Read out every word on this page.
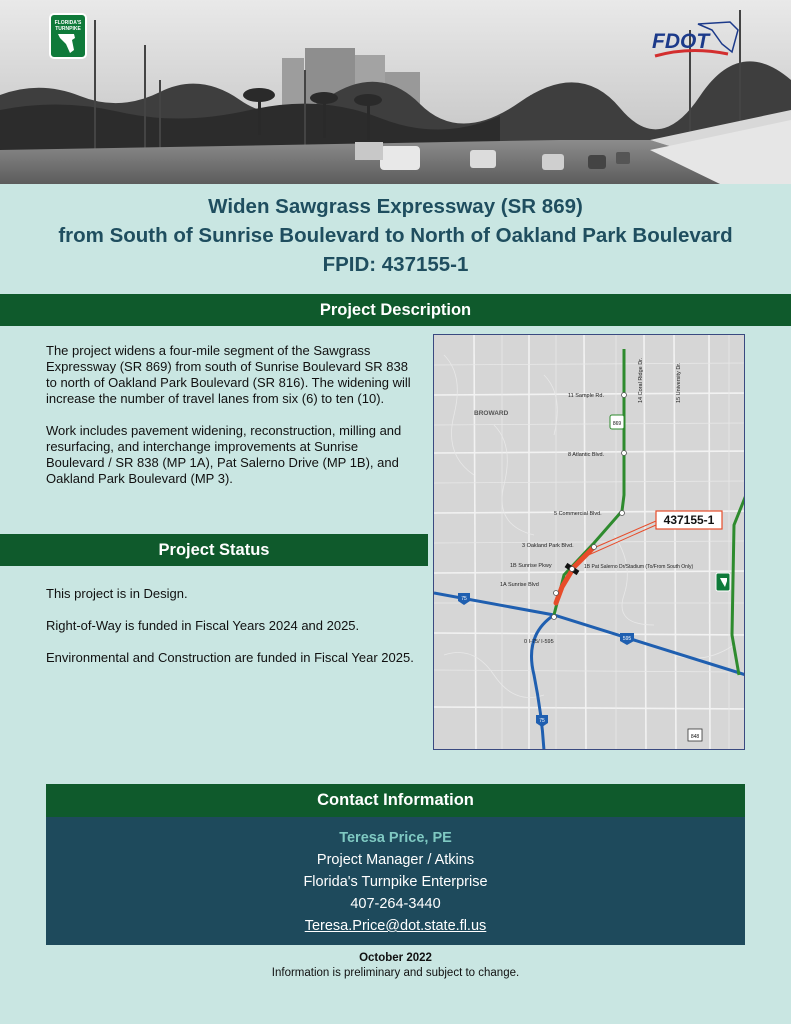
FLORIDA'S
TURNPIKE
FDOT
Widen Sawgrass Expressway (SR 869)
from South of Sunrise Boulevard to North of Oakland Park Boulevard
FPID: 437155-1
Project Description

The project widens a four-mile segment of the Sawgrass Expressway (SR 869) from south of Sunrise Boulevard SR 838 to north of Oakland Park Boulevard (SR 816). The widening will increase the number of travel lanes from six (6) to ten (10).

Work includes pavement widening, reconstruction, milling and resurfacing, and interchange improvements at Sunrise Boulevard / SR 838 (MP 1A), Pat Salerno Drive (MP 1B), and Oakland Park Boulevard (MP 3).

Project Status

This project is in Design.

Right-of-Way is funded in Fiscal Years 2024 and 2025.

Environmental and Construction are funded in Fiscal Year 2025.

437155-1
BROWARD
11 Sample Rd.
8 Atlantic Blvd.
5 Commercial Blvd.
3 Oakland Park Blvd.
1B Sunrise Pkwy
1A Sunrise Blvd
0 I-75/ I-595
1B Pat Salerno Dr/Stadium (To/From South Only)
14 Coral Ridge Dr.	15 University Dr.
869
75
595
75
848
Contact Information
Teresa Price, PE
Project Manager / Atkins
Florida's Turnpike Enterprise
407-264-3440
Teresa.Price@dot.state.fl.us
October 2022
Information is preliminary and subject to change.
